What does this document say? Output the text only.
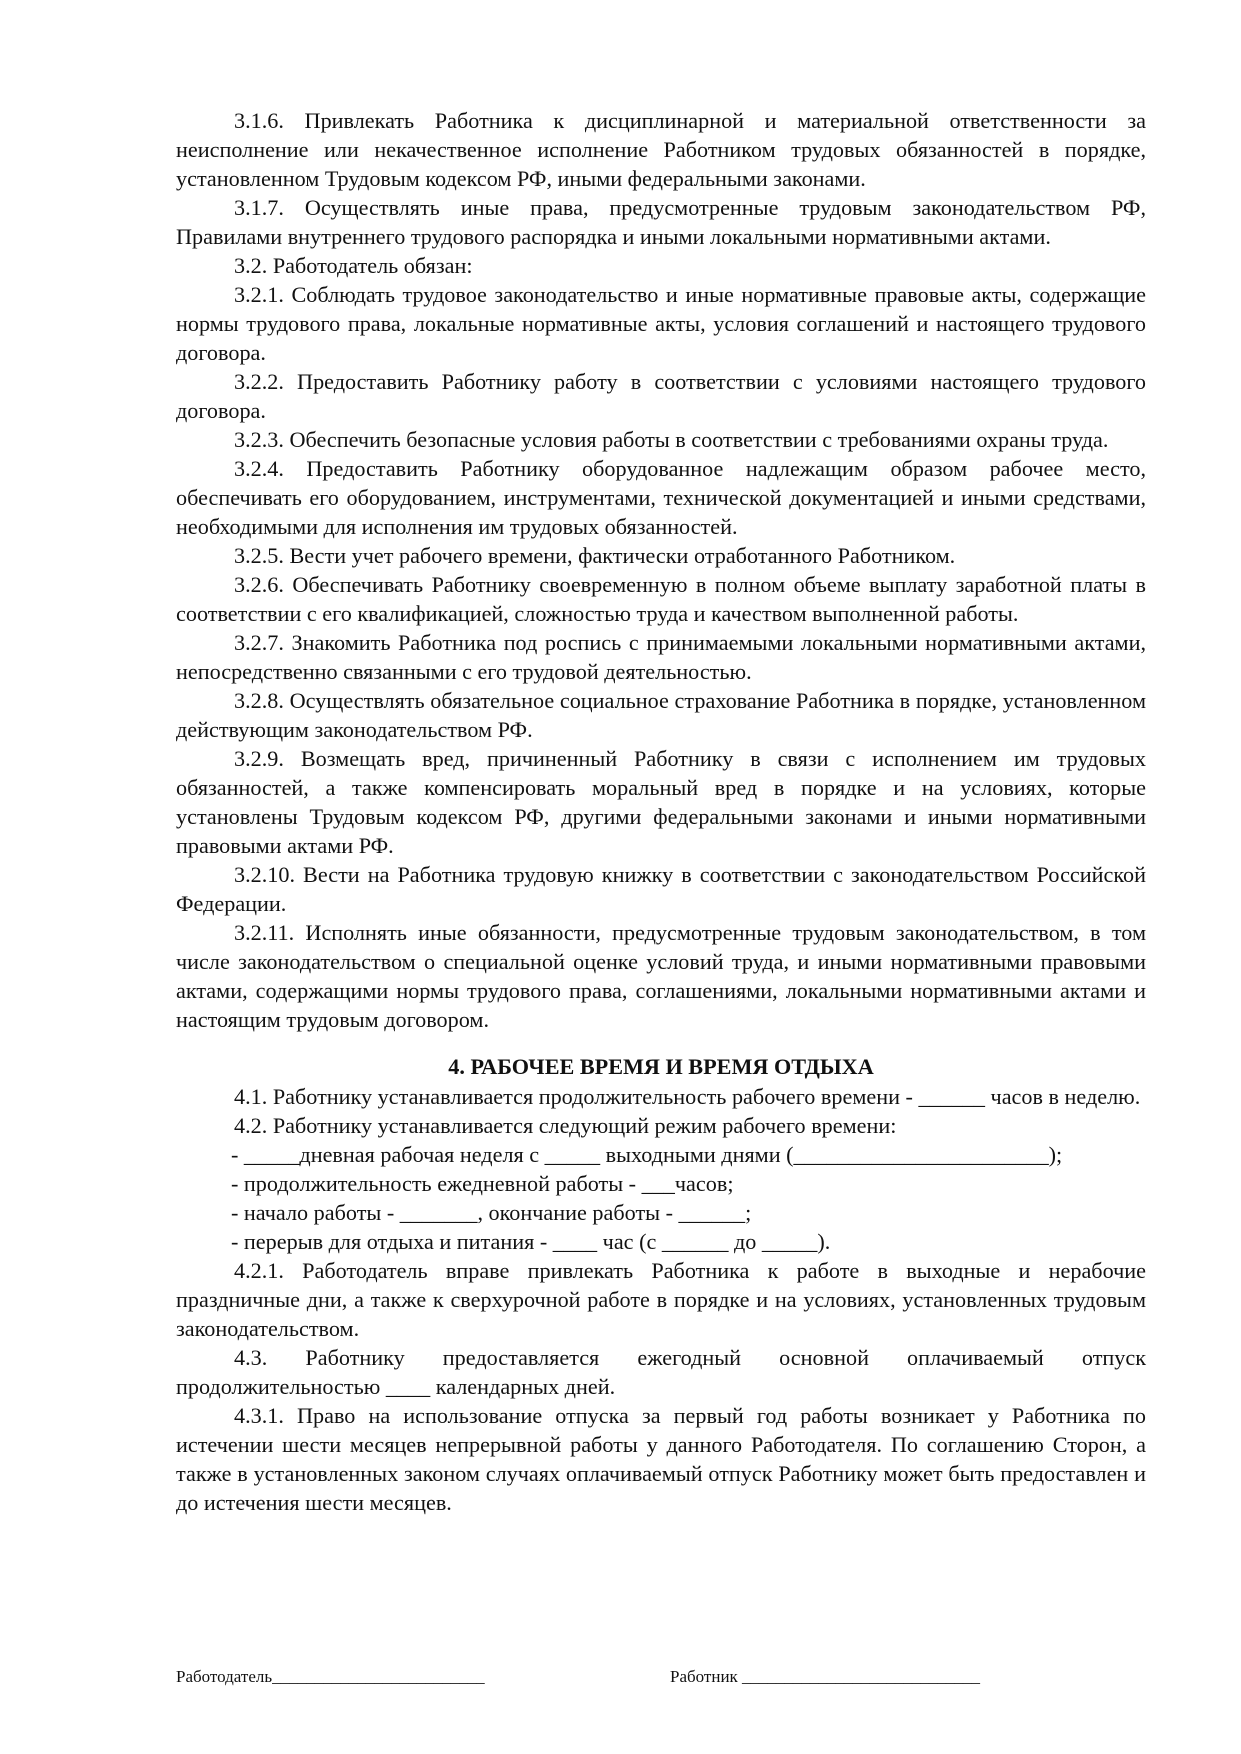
3.1.6. Привлекать Работника к дисциплинарной и материальной ответственности за неисполнение или некачественное исполнение Работником трудовых обязанностей в порядке, установленном Трудовым кодексом РФ, иными федеральными законами.

3.1.7. Осуществлять иные права, предусмотренные трудовым законодательством РФ, Правилами внутреннего трудового распорядка и иными локальными нормативными актами.

3.2. Работодатель обязан:

3.2.1. Соблюдать трудовое законодательство и иные нормативные правовые акты, содержащие нормы трудового права, локальные нормативные акты, условия соглашений и настоящего трудового договора.

3.2.2. Предоставить Работнику работу в соответствии с условиями настоящего трудового договора.

3.2.3. Обеспечить безопасные условия работы в соответствии с требованиями охраны труда.

3.2.4. Предоставить Работнику оборудованное надлежащим образом рабочее место, обеспечивать его оборудованием, инструментами, технической документацией и иными средствами, необходимыми для исполнения им трудовых обязанностей.

3.2.5. Вести учет рабочего времени, фактически отработанного Работником.

3.2.6. Обеспечивать Работнику своевременную в полном объеме выплату заработной платы в соответствии с его квалификацией, сложностью труда и качеством выполненной работы.

3.2.7. Знакомить Работника под роспись с принимаемыми локальными нормативными актами, непосредственно связанными с его трудовой деятельностью.

3.2.8. Осуществлять обязательное социальное страхование Работника в порядке, установленном действующим законодательством РФ.

3.2.9. Возмещать вред, причиненный Работнику в связи с исполнением им трудовых обязанностей, а также компенсировать моральный вред в порядке и на условиях, которые установлены Трудовым кодексом РФ, другими федеральными законами и иными нормативными правовыми актами РФ.

3.2.10. Вести на Работника трудовую книжку в соответствии с законодательством Российской Федерации.

3.2.11. Исполнять иные обязанности, предусмотренные трудовым законодательством, в том числе законодательством о специальной оценке условий труда, и иными нормативными правовыми актами, содержащими нормы трудового права, соглашениями, локальными нормативными актами и настоящим трудовым договором.

4. РАБОЧЕЕ ВРЕМЯ И ВРЕМЯ ОТДЫХА

4.1. Работнику устанавливается продолжительность рабочего времени - ______ часов в неделю.

4.2. Работнику устанавливается следующий режим рабочего времени:

- _____дневная рабочая неделя с _____ выходными днями (_______________________);

- продолжительность ежедневной работы - ___часов;

- начало работы - _______, окончание работы - ______;

- перерыв для отдыха и питания - ____ час (с ______ до _____).

4.2.1. Работодатель вправе привлекать Работника к работе в выходные и нерабочие праздничные дни, а также к сверхурочной работе в порядке и на условиях, установленных трудовым законодательством.

4.3. Работнику предоставляется ежегодный основной оплачиваемый отпуск продолжительностью ____ календарных дней.

4.3.1. Право на использование отпуска за первый год работы возникает у Работника по истечении шести месяцев непрерывной работы у данного Работодателя. По соглашению Сторон, а также в установленных законом случаях оплачиваемый отпуск Работнику может быть предоставлен и до истечения шести месяцев.

Работодатель_________________________	Работник ____________________________
